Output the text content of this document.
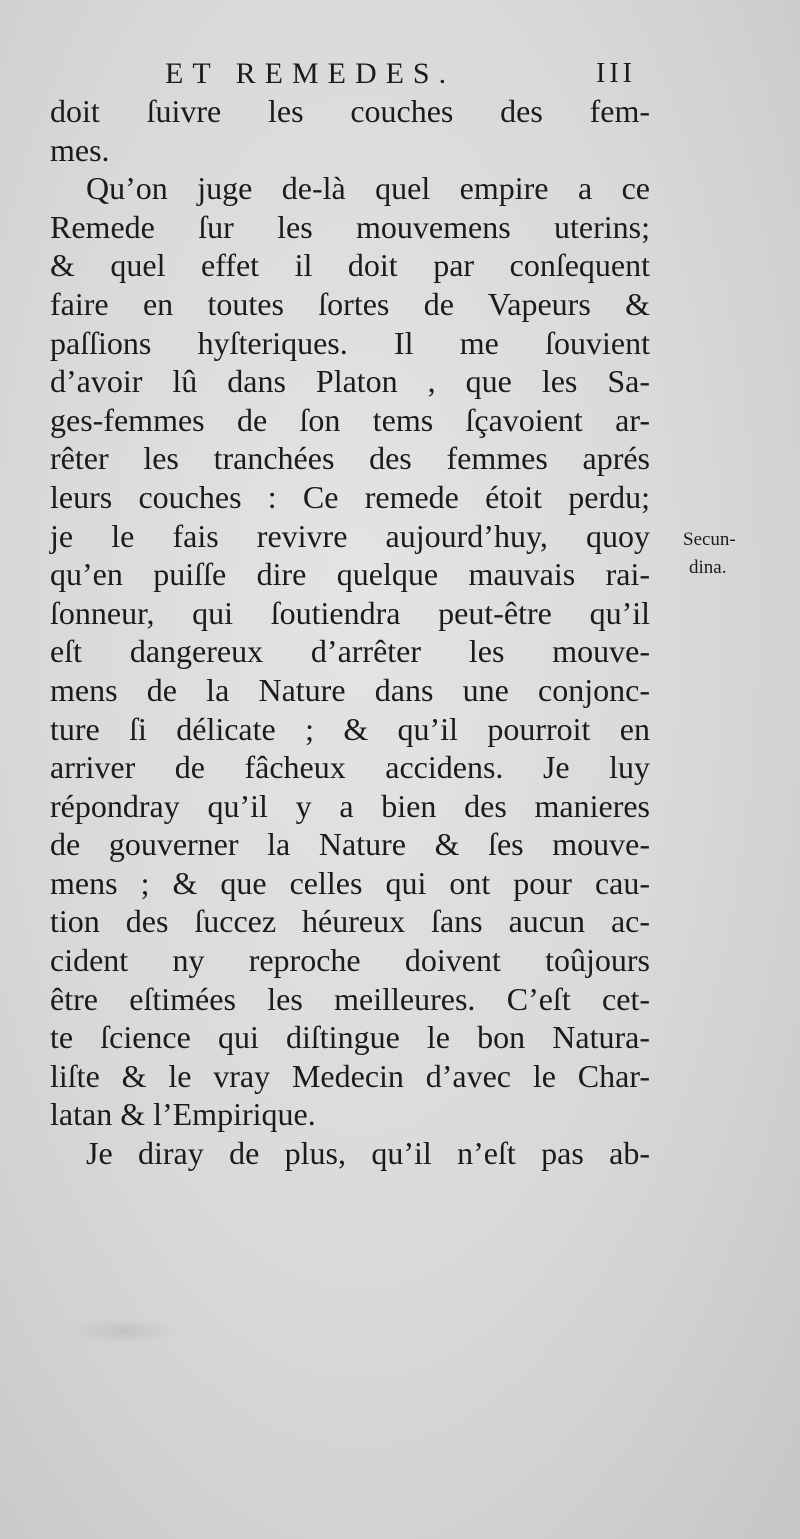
ET REMEDES.	III
doit ſuivre les couches des fem-
mes.
Qu’on juge de-là quel empire a ce
Remede ſur les mouvemens uterins;
& quel effet il doit par conſequent
faire en toutes ſortes de Vapeurs &
paſſions hyſteriques. Il me ſouvient
d’avoir lû dans Platon , que les Sa-
ges-femmes de ſon tems ſçavoient ar-
rêter les tranchées des femmes aprés
leurs couches : Ce remede étoit perdu;
je le fais revivre aujourd’huy, quoy
qu’en puiſſe dire quelque mauvais rai-
ſonneur, qui ſoutiendra peut-être qu’il
eſt dangereux d’arrêter les mouve-
mens de la Nature dans une conjonc-
ture ſi délicate ; & qu’il pourroit en
arriver de fâcheux accidens. Je luy
répondray qu’il y a bien des manieres
de gouverner la Nature & ſes mouve-
mens ; & que celles qui ont pour cau-
tion des ſuccez héureux ſans aucun ac-
cident ny reproche doivent toûjours
être eſtimées les meilleures. C’eſt cet-
te ſcience qui diſtingue le bon Natura-
liſte & le vray Medecin d’avec le Char-
latan & l’Empirique.
Je diray de plus, qu’il n’eſt pas ab-
Secun-
dina.
